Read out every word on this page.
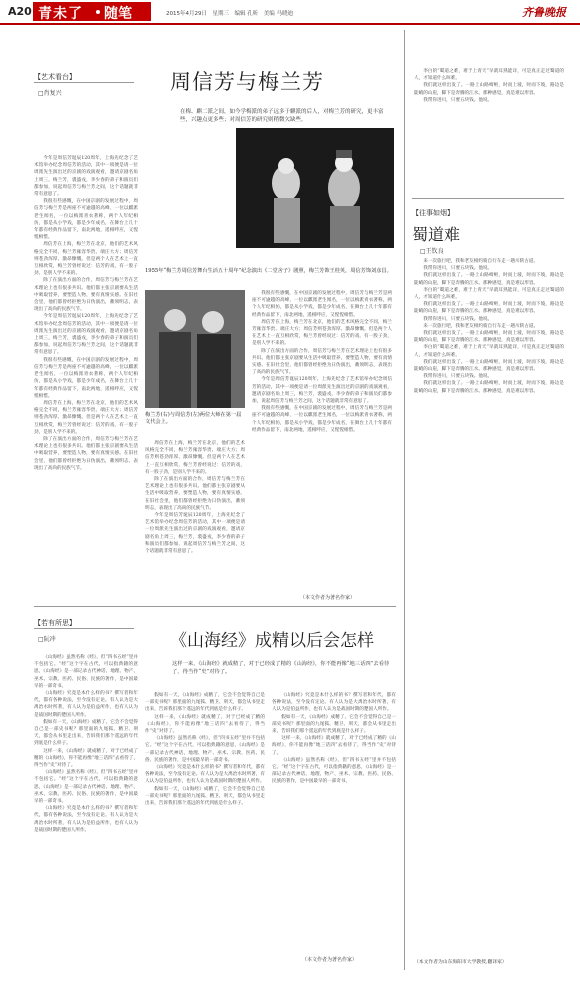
A20 青未了 随笔	2015年4月29日　星期三　编辑 孔昕　美编 马晓迪	齐鲁晚报
【艺术看台】
□肖复兴	周信芳与梅兰芳
在梅、麒二派之间，如今学梅派的弟子远多于麒派的后人，对梅兰芳的研究，更丰富些，兴趣点更多些；对周信芳的研究则稍微欠缺些。

今年是周信芳诞辰120周年，上海先纪念了艺术馆举办纪念周信芳的活动，其中一项便是请一位周派先生演出过的京剧的戏演观看，邀请京剧名角上周三，梅兰芳，裘盛戎，李少春的弟子和演员们都参加，说起周信芳与梅兰芳之间，这个话题就非常有意思了。

我很有些感慨，在中国京剧的发展过程中，周信芳与梅兰芳是两座不可逾越的高峰，一位以麒派老生闻名，一位以梅派青衣著称，两个人年纪相仿，都是从小学戏，都是少年成名，在舞台上几十年都有经典作品留下，南北两地，遥相呼应，又惺惺相惜。

周信芳在上海，梅兰芳在北京，他们的艺术风格完全不同，梅兰芳雍容华贵、端庄大方；周信芳则苍劲浑厚、激昂慷慨。但是两个人在艺术上一直互相欣赏，梅兰芳曾经说过：信芳的戏，有一股子劲，是别人学不来的。

除了在演出方面的合作，周信芳与梅兰芳在艺术理论上也有很多共识。他们都主张京剧要从生活中吸取营养，要塑造人物，要有真情实感。在旧社会里，他们都曾经拒绝为日伪演出，蓄须明志，表现出了高尚的民族气节。

今年是周信芳诞辰120周年，上海先纪念了艺术馆举办纪念周信芳的活动，其中一项便是请一位周派先生演出过的京剧的戏演观看，邀请京剧名角上周三，梅兰芳，裘盛戎，李少春的弟子和演员们都参加，说起周信芳与梅兰芳之间，这个话题就非常有意思了。

我很有些感慨，在中国京剧的发展过程中，周信芳与梅兰芳是两座不可逾越的高峰，一位以麒派老生闻名，一位以梅派青衣著称，两个人年纪相仿，都是从小学戏，都是少年成名，在舞台上几十年都有经典作品留下，南北两地，遥相呼应，又惺惺相惜。

周信芳在上海，梅兰芳在北京，他们的艺术风格完全不同，梅兰芳雍容华贵、端庄大方；周信芳则苍劲浑厚、激昂慷慨。但是两个人在艺术上一直互相欣赏，梅兰芳曾经说过：信芳的戏，有一股子劲，是别人学不来的。

除了在演出方面的合作，周信芳与梅兰芳在艺术理论上也有很多共识。他们都主张京剧要从生活中吸取营养，要塑造人物，要有真情实感。在旧社会里，他们都曾经拒绝为日伪演出，蓄须明志，表现出了高尚的民族气节。

1955年“梅兰芳周信芳舞台生活五十周年”纪念演出《二堂舍子》剧照，梅兰芳饰王桂英，周信芳饰刘彦昌。
梅兰芳(右)与周信芳(左)两位大师在第一届文代会上。

周信芳在上海，梅兰芳在北京，他们的艺术风格完全不同，梅兰芳雍容华贵、端庄大方；周信芳则苍劲浑厚、激昂慷慨。但是两个人在艺术上一直互相欣赏，梅兰芳曾经说过：信芳的戏，有一股子劲，是别人学不来的。

除了在演出方面的合作，周信芳与梅兰芳在艺术理论上也有很多共识。他们都主张京剧要从生活中吸取营养，要塑造人物，要有真情实感。在旧社会里，他们都曾经拒绝为日伪演出，蓄须明志，表现出了高尚的民族气节。

今年是周信芳诞辰120周年，上海先纪念了艺术馆举办纪念周信芳的活动，其中一项便是请一位周派先生演出过的京剧的戏演观看，邀请京剧名角上周三，梅兰芳，裘盛戎，李少春的弟子和演员们都参加，说起周信芳与梅兰芳之间，这个话题就非常有意思了。

我很有些感慨，在中国京剧的发展过程中，周信芳与梅兰芳是两座不可逾越的高峰，一位以麒派老生闻名，一位以梅派青衣著称，两个人年纪相仿，都是从小学戏，都是少年成名，在舞台上几十年都有经典作品留下，南北两地，遥相呼应，又惺惺相惜。

周信芳在上海，梅兰芳在北京，他们的艺术风格完全不同，梅兰芳雍容华贵、端庄大方；周信芳则苍劲浑厚、激昂慷慨。但是两个人在艺术上一直互相欣赏，梅兰芳曾经说过：信芳的戏，有一股子劲，是别人学不来的。

除了在演出方面的合作，周信芳与梅兰芳在艺术理论上也有很多共识。他们都主张京剧要从生活中吸取营养，要塑造人物，要有真情实感。在旧社会里，他们都曾经拒绝为日伪演出，蓄须明志，表现出了高尚的民族气节。

今年是周信芳诞辰120周年，上海先纪念了艺术馆举办纪念周信芳的活动，其中一项便是请一位周派先生演出过的京剧的戏演观看，邀请京剧名角上周三，梅兰芳，裘盛戎，李少春的弟子和演员们都参加，说起周信芳与梅兰芳之间，这个话题就非常有意思了。

我很有些感慨，在中国京剧的发展过程中，周信芳与梅兰芳是两座不可逾越的高峰，一位以麒派老生闻名，一位以梅派青衣著称，两个人年纪相仿，都是从小学戏，都是少年成名，在舞台上几十年都有经典作品留下，南北两地，遥相呼应，又惺惺相惜。

（本文作者为著名作家）

李白的“蜀道之难，难于上青天”早就耳熟能详，可是真正走过蜀道的人，才知道什么叫难。

我们就这样出发了。一路上山路崎岖，时而上坡，时而下坡，路边是陡峭的山崖，脚下是奔腾的江水。那种感觉，真是难以形容。

我带你进川，只要五块钱。他说。

【往事如烟】
蜀道难
□王钦良

来一次旅行吧，我和老友相约骑自行车走一趟川陕古道。

我带你进川，只要五块钱。他说。

我们就这样出发了。一路上山路崎岖，时而上坡，时而下坡，路边是陡峭的山崖，脚下是奔腾的江水。那种感觉，真是难以形容。

李白的“蜀道之难，难于上青天”早就耳熟能详，可是真正走过蜀道的人，才知道什么叫难。

我们就这样出发了。一路上山路崎岖，时而上坡，时而下坡，路边是陡峭的山崖，脚下是奔腾的江水。那种感觉，真是难以形容。

我带你进川，只要五块钱。他说。

来一次旅行吧，我和老友相约骑自行车走一趟川陕古道。

我们就这样出发了。一路上山路崎岖，时而上坡，时而下坡，路边是陡峭的山崖，脚下是奔腾的江水。那种感觉，真是难以形容。

李白的“蜀道之难，难于上青天”早就耳熟能详，可是真正走过蜀道的人，才知道什么叫难。

我们就这样出发了。一路上山路崎岖，时而上坡，时而下坡，路边是陡峭的山崖，脚下是奔腾的江水。那种感觉，真是难以形容。

我带你进川，只要五块钱。他说。

我们就这样出发了。一路上山路崎岖，时而上坡，时而下坡，路边是陡峭的山崖，脚下是奔腾的江水。那种感觉，真是难以形容。

（本文作者为山东海阳市大学教授,翻译家）
【若有所思】
□阮冲	《山海经》成精以后会怎样
这样一来，《山海经》就成精了，对于已经成了精的《山海经》，你不能再像“地三话四”去看待了，得当作“史”对待了。

《山海经》虽然名称《经》，但“四书五经”里并不包括它。“经”这个字在古代，可以指典籍的意思，《山海经》是一部记录古代神话、地理、物产、巫术、宗教、医药、民俗、民族的著作，是中国最早的一部奇书。

《山海经》究竟是本什么样的书？撰写者和年代，都有各种说法，至今没有定论。有人认为是大禹治水时所著，有人认为是伯益所作，也有人认为是战国时期的楚国人所作。

假如有一天，《山海经》成精了，它会不会觉得自己是一部史书呢？那里面的九尾狐、精卫、刑天，都会从书里走出来，告诉我们那个遥远的年代到底是什么样子。

这样一来，《山海经》就成精了，对于已经成了精的《山海经》，你不能再像“地三话四”去看待了，得当作“史”对待了。

《山海经》虽然名称《经》，但“四书五经”里并不包括它。“经”这个字在古代，可以指典籍的意思，《山海经》是一部记录古代神话、地理、物产、巫术、宗教、医药、民俗、民族的著作，是中国最早的一部奇书。

《山海经》究竟是本什么样的书？撰写者和年代，都有各种说法，至今没有定论。有人认为是大禹治水时所著，有人认为是伯益所作，也有人认为是战国时期的楚国人所作。

假如有一天，《山海经》成精了，它会不会觉得自己是一部史书呢？那里面的九尾狐、精卫、刑天，都会从书里走出来，告诉我们那个遥远的年代到底是什么样子。

这样一来，《山海经》就成精了，对于已经成了精的《山海经》，你不能再像“地三话四”去看待了，得当作“史”对待了。

《山海经》虽然名称《经》，但“四书五经”里并不包括它。“经”这个字在古代，可以指典籍的意思，《山海经》是一部记录古代神话、地理、物产、巫术、宗教、医药、民俗、民族的著作，是中国最早的一部奇书。

《山海经》究竟是本什么样的书？撰写者和年代，都有各种说法，至今没有定论。有人认为是大禹治水时所著，有人认为是伯益所作，也有人认为是战国时期的楚国人所作。

假如有一天，《山海经》成精了，它会不会觉得自己是一部史书呢？那里面的九尾狐、精卫、刑天，都会从书里走出来，告诉我们那个遥远的年代到底是什么样子。

《山海经》究竟是本什么样的书？撰写者和年代，都有各种说法，至今没有定论。有人认为是大禹治水时所著，有人认为是伯益所作，也有人认为是战国时期的楚国人所作。

假如有一天，《山海经》成精了，它会不会觉得自己是一部史书呢？那里面的九尾狐、精卫、刑天，都会从书里走出来，告诉我们那个遥远的年代到底是什么样子。

这样一来，《山海经》就成精了，对于已经成了精的《山海经》，你不能再像“地三话四”去看待了，得当作“史”对待了。

《山海经》虽然名称《经》，但“四书五经”里并不包括它。“经”这个字在古代，可以指典籍的意思，《山海经》是一部记录古代神话、地理、物产、巫术、宗教、医药、民俗、民族的著作，是中国最早的一部奇书。

（本文作者为著名作家）
